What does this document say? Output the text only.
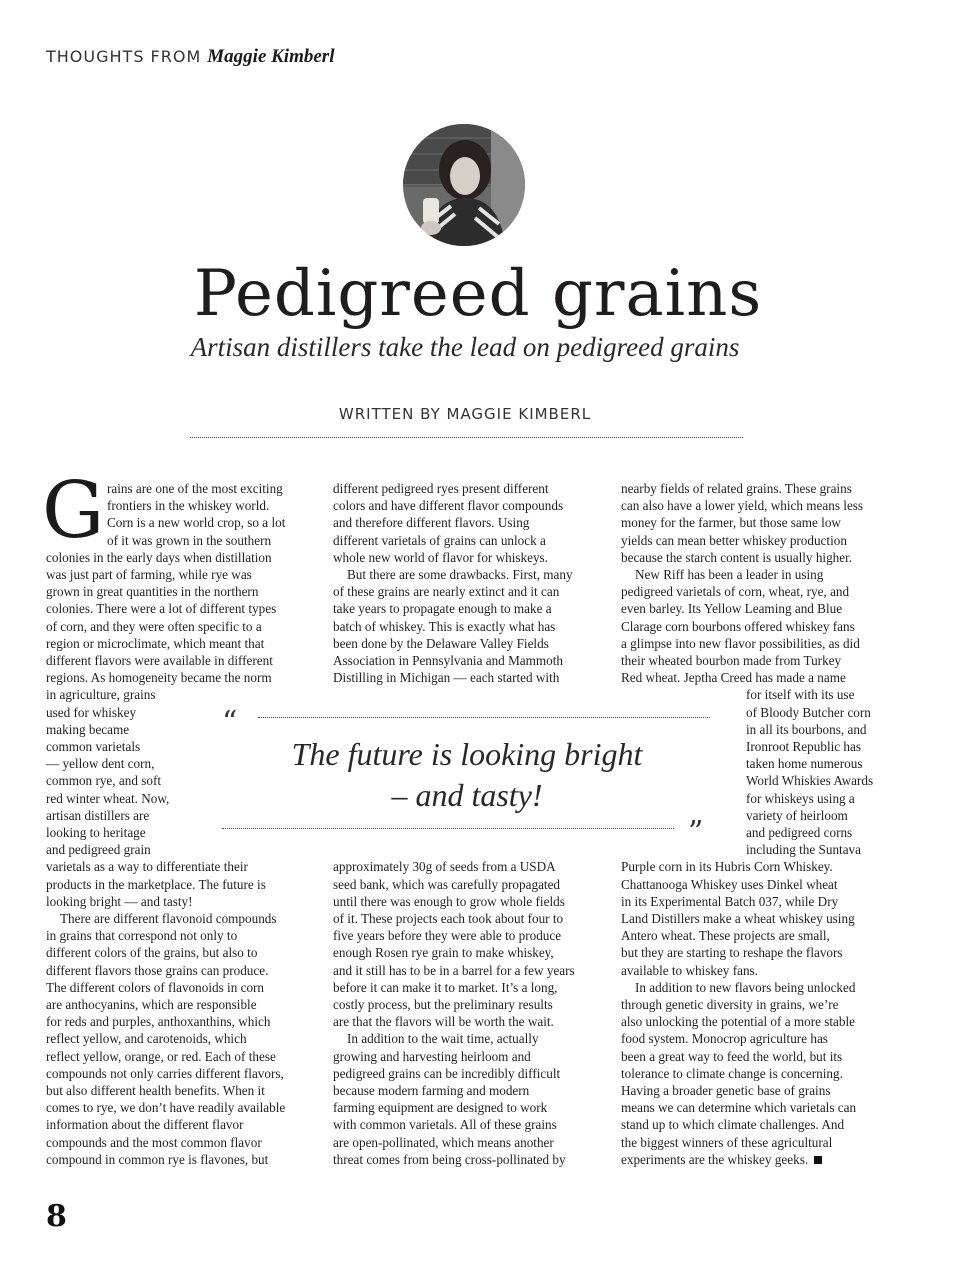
THOUGHTS FROM Maggie Kimberl
Pedigreed grains
Artisan distillers take the lead on pedigreed grains
WRITTEN BY MAGGIE KIMBERL
G rains are one of the most exciting
frontiers in the whiskey world.
Corn is a new world crop, so a lot
of it was grown in the southern
colonies in the early days when distillation
was just part of farming, while rye was
grown in great quantities in the northern
colonies. There were a lot of different types
of corn, and they were often specific to a
region or microclimate, which meant that
different flavors were available in different
regions. As homogeneity became the norm
in agriculture, grains
used for whiskey
making became
common varietals
— yellow dent corn,
common rye, and soft
red winter wheat. Now,
artisan distillers are
looking to heritage
and pedigreed grain
varietals as a way to differentiate their
products in the marketplace. The future is
looking bright — and tasty!
There are different flavonoid compounds
in grains that correspond not only to
different colors of the grains, but also to
different flavors those grains can produce.
The different colors of flavonoids in corn
are anthocyanins, which are responsible
for reds and purples, anthoxanthins, which
reflect yellow, and carotenoids, which
reflect yellow, orange, or red. Each of these
compounds not only carries different flavors,
but also different health benefits. When it
comes to rye, we don’t have readily available
information about the different flavor
compounds and the most common flavor
compound in common rye is flavones, but
different pedigreed ryes present different
colors and have different flavor compounds
and therefore different flavors. Using
different varietals of grains can unlock a
whole new world of flavor for whiskeys.
But there are some drawbacks. First, many
of these grains are nearly extinct and it can
take years to propagate enough to make a
batch of whiskey. This is exactly what has
been done by the Delaware Valley Fields
Association in Pennsylvania and Mammoth
Distilling in Michigan — each started with
approximately 30g of seeds from a USDA
seed bank, which was carefully propagated
until there was enough to grow whole fields
of it. These projects each took about four to
five years before they were able to produce
enough Rosen rye grain to make whiskey,
and it still has to be in a barrel for a few years
before it can make it to market. It’s a long,
costly process, but the preliminary results
are that the flavors will be worth the wait.
In addition to the wait time, actually
growing and harvesting heirloom and
pedigreed grains can be incredibly difficult
because modern farming and modern
farming equipment are designed to work
with common varietals. All of these grains
are open-pollinated, which means another
threat comes from being cross-pollinated by
nearby fields of related grains. These grains
can also have a lower yield, which means less
money for the farmer, but those same low
yields can mean better whiskey production
because the starch content is usually higher.
New Riff has been a leader in using
pedigreed varietals of corn, wheat, rye, and
even barley. Its Yellow Leaming and Blue
Clarage corn bourbons offered whiskey fans
a glimpse into new flavor possibilities, as did
their wheated bourbon made from Turkey
Red wheat. Jeptha Creed has made a name
for itself with its use
of Bloody Butcher corn
in all its bourbons, and
Ironroot Republic has
taken home numerous
World Whiskies Awards
for whiskeys using a
variety of heirloom
and pedigreed corns
including the Suntava
Purple corn in its Hubris Corn Whiskey.
Chattanooga Whiskey uses Dinkel wheat
in its Experimental Batch 037, while Dry
Land Distillers make a wheat whiskey using
Antero wheat. These projects are small,
but they are starting to reshape the flavors
available to whiskey fans.
In addition to new flavors being unlocked
through genetic diversity in grains, we’re
also unlocking the potential of a more stable
food system. Monocrop agriculture has
been a great way to feed the world, but its
tolerance to climate change is concerning.
Having a broader genetic base of grains
means we can determine which varietals can
stand up to which climate challenges. And
the biggest winners of these agricultural
experiments are the whiskey geeks.
“
The future is looking bright
– and tasty!
”
8
